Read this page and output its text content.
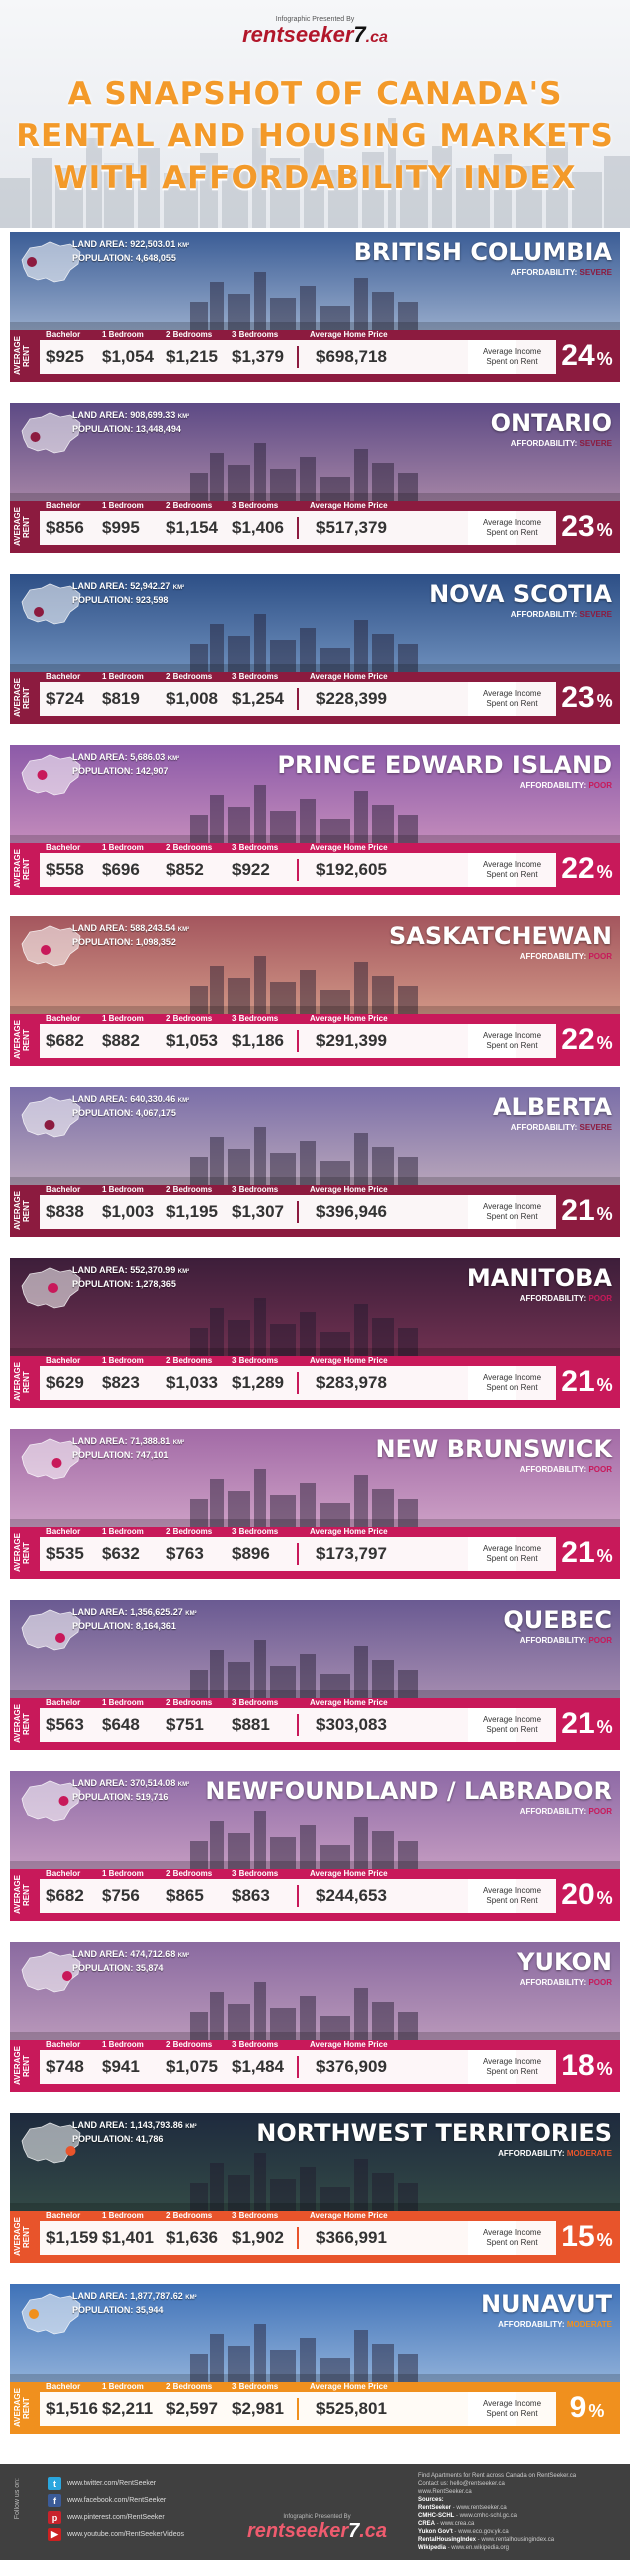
Infographic Presented By
rentseeker7.ca
A SNAPSHOT OF CANADA'S
RENTAL AND HOUSING MARKETS
WITH AFFORDABILITY INDEX
LAND AREA: 922,503.01 KM²
POPULATION: 4,648,055	BRITISH COLUMBIA
AFFORDABILITY: SEVERE
AVERAGE RENT
Bachelor	1 Bedroom	2 Bedrooms 3 Bedrooms	Average Home Price
$925 $1,054 $1,215 $1,379 $698,718	Average Income
Spent on Rent 24 %
LAND AREA: 908,699.33 KM²
POPULATION: 13,448,494	ONTARIO
AFFORDABILITY: SEVERE
AVERAGE RENT
Bachelor	1 Bedroom	2 Bedrooms 3 Bedrooms	Average Home Price
$856 $995 $1,154 $1,406 $517,379	Average Income
Spent on Rent 23 %
LAND AREA: 52,942.27 KM²
POPULATION: 923,598	NOVA SCOTIA
AFFORDABILITY: SEVERE
AVERAGE RENT
Bachelor	1 Bedroom	2 Bedrooms 3 Bedrooms	Average Home Price
$724 $819 $1,008 $1,254 $228,399	Average Income
Spent on Rent 23 %
LAND AREA: 5,686.03 KM²
POPULATION: 142,907	PRINCE EDWARD ISLAND
AFFORDABILITY: POOR
AVERAGE RENT
Bachelor	1 Bedroom	2 Bedrooms 3 Bedrooms	Average Home Price
$558 $696 $852 $922	$192,605	Average Income
Spent on Rent 22 %
LAND AREA: 588,243.54 KM²
POPULATION: 1,098,352	SASKATCHEWAN
AFFORDABILITY: POOR
AVERAGE RENT
Bachelor	1 Bedroom	2 Bedrooms 3 Bedrooms	Average Home Price
$682 $882 $1,053 $1,186 $291,399	Average Income
Spent on Rent 22 %
LAND AREA: 640,330.46 KM²
POPULATION: 4,067,175	ALBERTA
AFFORDABILITY: SEVERE
AVERAGE RENT
Bachelor	1 Bedroom	2 Bedrooms 3 Bedrooms	Average Home Price
$838 $1,003 $1,195 $1,307 $396,946	Average Income
Spent on Rent 21 %
LAND AREA: 552,370.99 KM²
POPULATION: 1,278,365	MANITOBA
AFFORDABILITY: POOR
AVERAGE RENT
Bachelor	1 Bedroom	2 Bedrooms 3 Bedrooms	Average Home Price
$629 $823 $1,033 $1,289 $283,978	Average Income
Spent on Rent 21 %
LAND AREA: 71,388.81 KM²
POPULATION: 747,101	NEW BRUNSWICK
AFFORDABILITY: POOR
AVERAGE RENT
Bachelor	1 Bedroom	2 Bedrooms 3 Bedrooms	Average Home Price
$535 $632 $763 $896	$173,797	Average Income
Spent on Rent 21 %
LAND AREA: 1,356,625.27 KM²
POPULATION: 8,164,361	QUEBEC
AFFORDABILITY: POOR
AVERAGE RENT
Bachelor	1 Bedroom	2 Bedrooms 3 Bedrooms	Average Home Price
$563 $648 $751 $881	$303,083	Average Income
Spent on Rent 21 %
LAND AREA: 370,514.08 KM²
POPULATION: 519,716	NEWFOUNDLAND / LABRADOR
AFFORDABILITY: POOR
AVERAGE RENT
Bachelor	1 Bedroom	2 Bedrooms 3 Bedrooms	Average Home Price
$682 $756 $865 $863	$244,653	Average Income
Spent on Rent 20 %
LAND AREA: 474,712.68 KM²
POPULATION: 35,874	YUKON
AFFORDABILITY: POOR
AVERAGE RENT
Bachelor	1 Bedroom	2 Bedrooms 3 Bedrooms	Average Home Price
$748 $941 $1,075 $1,484 $376,909	Average Income
Spent on Rent 18 %
LAND AREA: 1,143,793.86 KM²
POPULATION: 41,786	NORTHWEST TERRITORIES
AFFORDABILITY: MODERATE
AVERAGE RENT
Bachelor	1 Bedroom	2 Bedrooms 3 Bedrooms	Average Home Price
$1,159 $1,401 $1,636 $1,902 $366,991	Average Income
Spent on Rent 15 %
LAND AREA: 1,877,787.62 KM²
POPULATION: 35,944	NUNAVUT
AFFORDABILITY: MODERATE
AVERAGE RENT
Bachelor	1 Bedroom	2 Bedrooms 3 Bedrooms	Average Home Price
$1,516 $2,211 $2,597 $2,981 $525,801	Average Income
Spent on Rent 9 %
Follow us on:	t	www.twitter.com/RentSeeker
f	www.facebook.com/RentSeeker
p	www.pinterest.com/RentSeeker
▶	www.youtube.com/RentSeekerVideos
Infographic Presented By
rentseeker7.ca
Find Apartments for Rent across Canada on RentSeeker.ca
Contact us: hello@rentseeker.ca
www.RentSeeker.ca
Sources:
RentSeeker - www.rentseeker.ca
CMHC-SCHL - www.cmhc-schl.gc.ca
CREA - www.crea.ca
Yukon Gov't - www.eco.gov.yk.ca
RentalHousingIndex - www.rentalhousingindex.ca
Wikipedia - www.en.wikipedia.org
